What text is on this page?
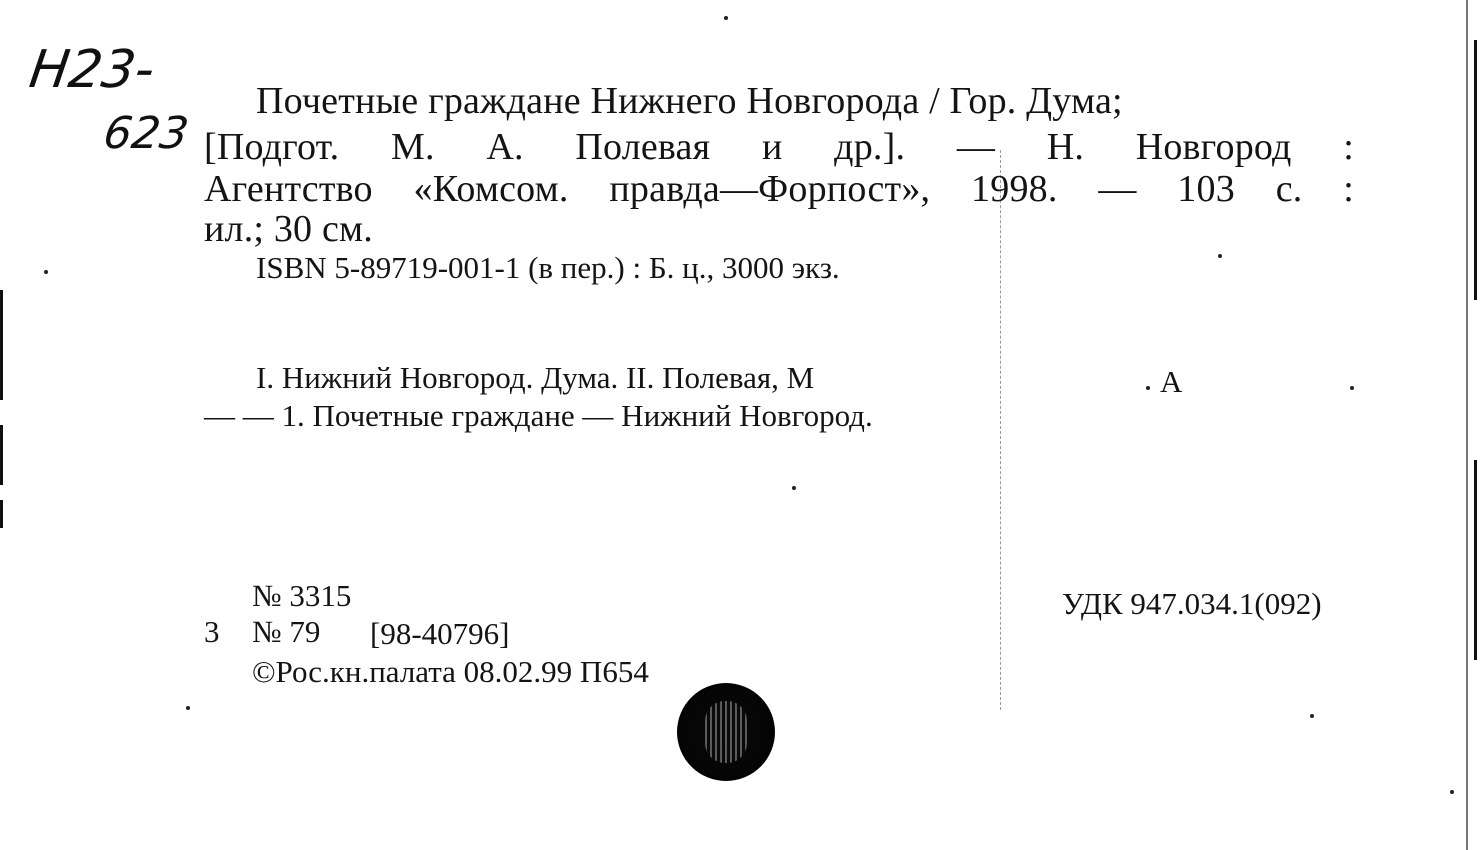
Н23-
623
Почетные граждане Нижнего Новгорода / Гор. Дума;
[Подгот. М. А. Полевая и др.]. — Н. Новгород :
Агентство «Комсом. правда—Форпост», 1998. — 103 с. :
ил.; 30 см.
ISBN 5-89719-001-1 (в пер.) : Б. ц., 3000 экз.
I. Нижний Новгород. Дума. II. Полевая, М	А
— — 1. Почетные граждане — Нижний Новгород.
№ 3315
3 № 79 [98-40796]
©Рос.кн.палата 08.02.99 П654
УДК 947.034.1(092)
